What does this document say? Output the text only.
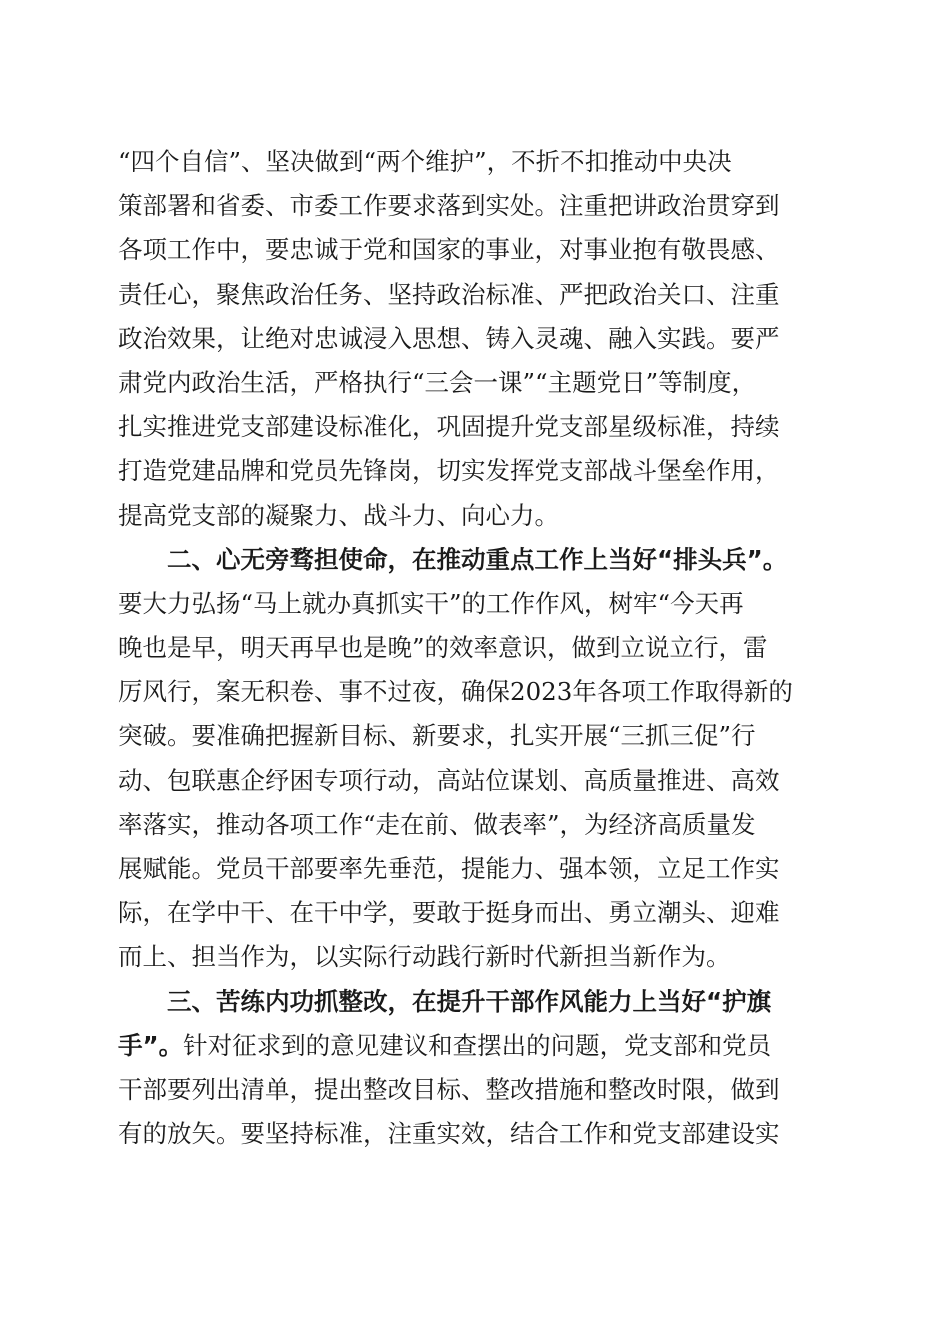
“四个自信”、坚决做到“两个维护”，不折不扣推动中央决
策部署和省委、市委工作要求落到实处。注重把讲政治贯穿到
各项工作中，要忠诚于党和国家的事业，对事业抱有敬畏感、
责任心，聚焦政治任务、坚持政治标准、严把政治关口、注重
政治效果，让绝对忠诚浸入思想、铸入灵魂、融入实践。要严
肃党内政治生活，严格执行“三会一课”“主题党日”等制度，
扎实推进党支部建设标准化，巩固提升党支部星级标准，持续
打造党建品牌和党员先锋岗，切实发挥党支部战斗堡垒作用，
提高党支部的凝聚力、战斗力、向心力。
　　二、心无旁骛担使命，在推动重点工作上当好“排头兵”。
要大力弘扬“马上就办真抓实干”的工作作风，树牢“今天再
晚也是早，明天再早也是晚”的效率意识，做到立说立行，雷
厉风行，案无积卷、事不过夜，确保2023年各项工作取得新的
突破。要准确把握新目标、新要求，扎实开展“三抓三促”行
动、包联惠企纾困专项行动，高站位谋划、高质量推进、高效
率落实，推动各项工作“走在前、做表率”，为经济高质量发
展赋能。党员干部要率先垂范，提能力、强本领，立足工作实
际，在学中干、在干中学，要敢于挺身而出、勇立潮头、迎难
而上、担当作为，以实际行动践行新时代新担当新作为。
　　三、苦练内功抓整改，在提升干部作风能力上当好“护旗
手”。针对征求到的意见建议和查摆出的问题，党支部和党员
干部要列出清单，提出整改目标、整改措施和整改时限，做到
有的放矢。要坚持标准，注重实效，结合工作和党支部建设实
